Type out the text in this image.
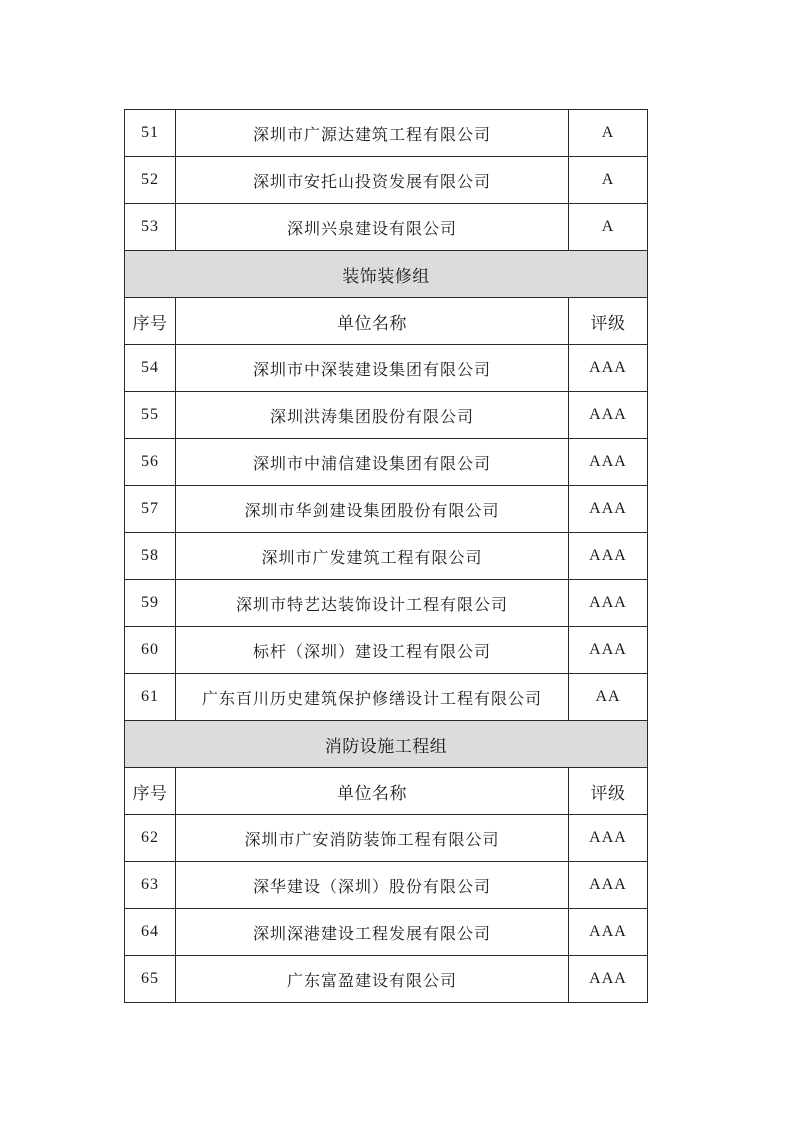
51	深圳市广源达建筑工程有限公司	A
52	深圳市安托山投资发展有限公司	A
53	深圳兴泉建设有限公司	A
装饰装修组		
序号	单位名称	评级
54	深圳市中深装建设集团有限公司	AAA
55	深圳洪涛集团股份有限公司	AAA
56	深圳市中浦信建设集团有限公司	AAA
57	深圳市华剑建设集团股份有限公司	AAA
58	深圳市广发建筑工程有限公司	AAA
59	深圳市特艺达装饰设计工程有限公司	AAA
60	标杆（深圳）建设工程有限公司	AAA
61	广东百川历史建筑保护修缮设计工程有限公司	AA
消防设施工程组		
序号	单位名称	评级
62	深圳市广安消防装饰工程有限公司	AAA
63	深华建设（深圳）股份有限公司	AAA
64	深圳深港建设工程发展有限公司	AAA
65	广东富盈建设有限公司	AAA
